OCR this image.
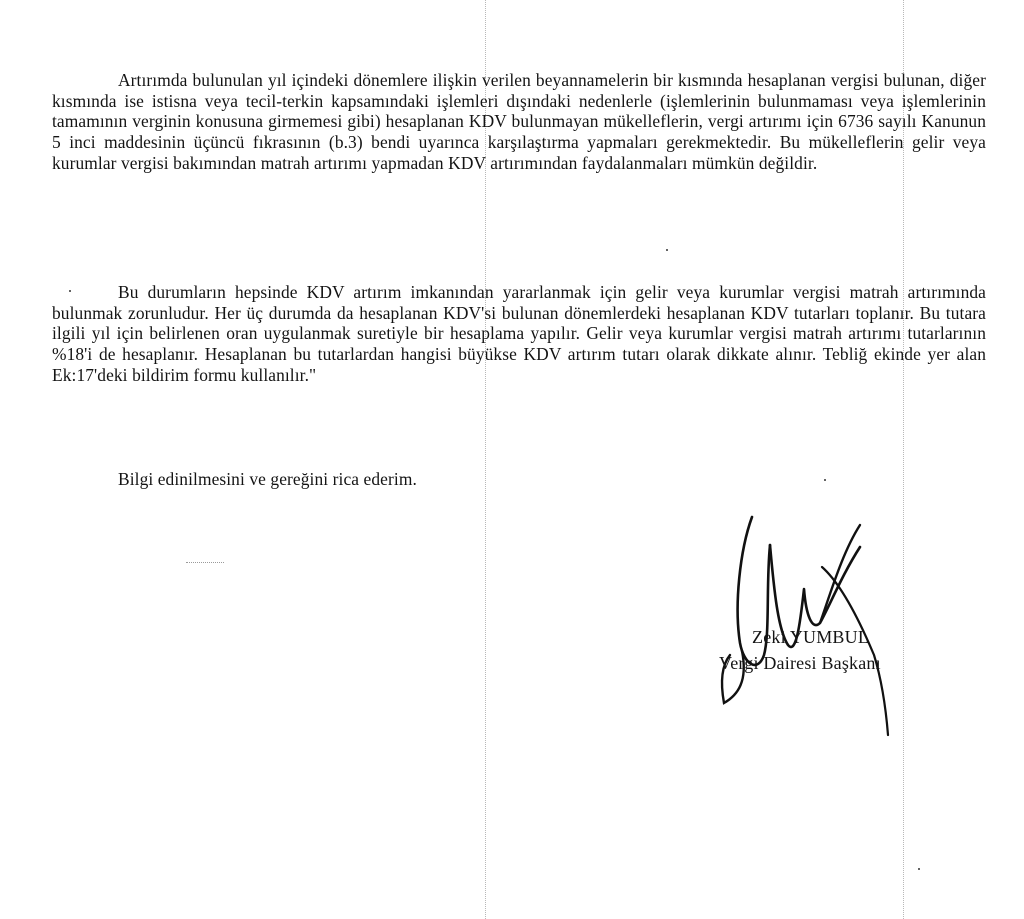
Artırımda bulunulan yıl içindeki dönemlere ilişkin verilen beyannamelerin bir kısmında hesaplanan vergisi bulunan, diğer kısmında ise istisna veya tecil-terkin kapsamındaki işlemleri dışındaki nedenlerle (işlemlerinin bulunmaması veya işlemlerinin tamamının verginin konusuna girmemesi gibi) hesaplanan KDV bulunmayan mükelleflerin, vergi artırımı için 6736 sayılı Kanunun 5 inci maddesinin üçüncü fıkrasının (b.3) bendi uyarınca karşılaştırma yapmaları gerekmektedir. Bu mükelleflerin gelir veya kurumlar vergisi bakımından matrah artırımı yapmadan KDV artırımından faydalanmaları mümkün değildir.

Bu durumların hepsinde KDV artırım imkanından yararlanmak için gelir veya kurumlar vergisi matrah artırımında bulunmak zorunludur. Her üç durumda da hesaplanan KDV'si bulunan dönemlerdeki hesaplanan KDV tutarları toplanır. Bu tutara ilgili yıl için belirlenen oran uygulanmak suretiyle bir hesaplama yapılır. Gelir veya kurumlar vergisi matrah artırımı tutarlarının %18'i de hesaplanır. Hesaplanan bu tutarlardan hangisi büyükse KDV artırım tutarı olarak dikkate alınır. Tebliğ ekinde yer alan Ek:17'deki bildirim formu kullanılır."

Bilgi edinilmesini ve gereğini rica ederim.

Zeki YUMBUL
Vergi Dairesi Başkanı
